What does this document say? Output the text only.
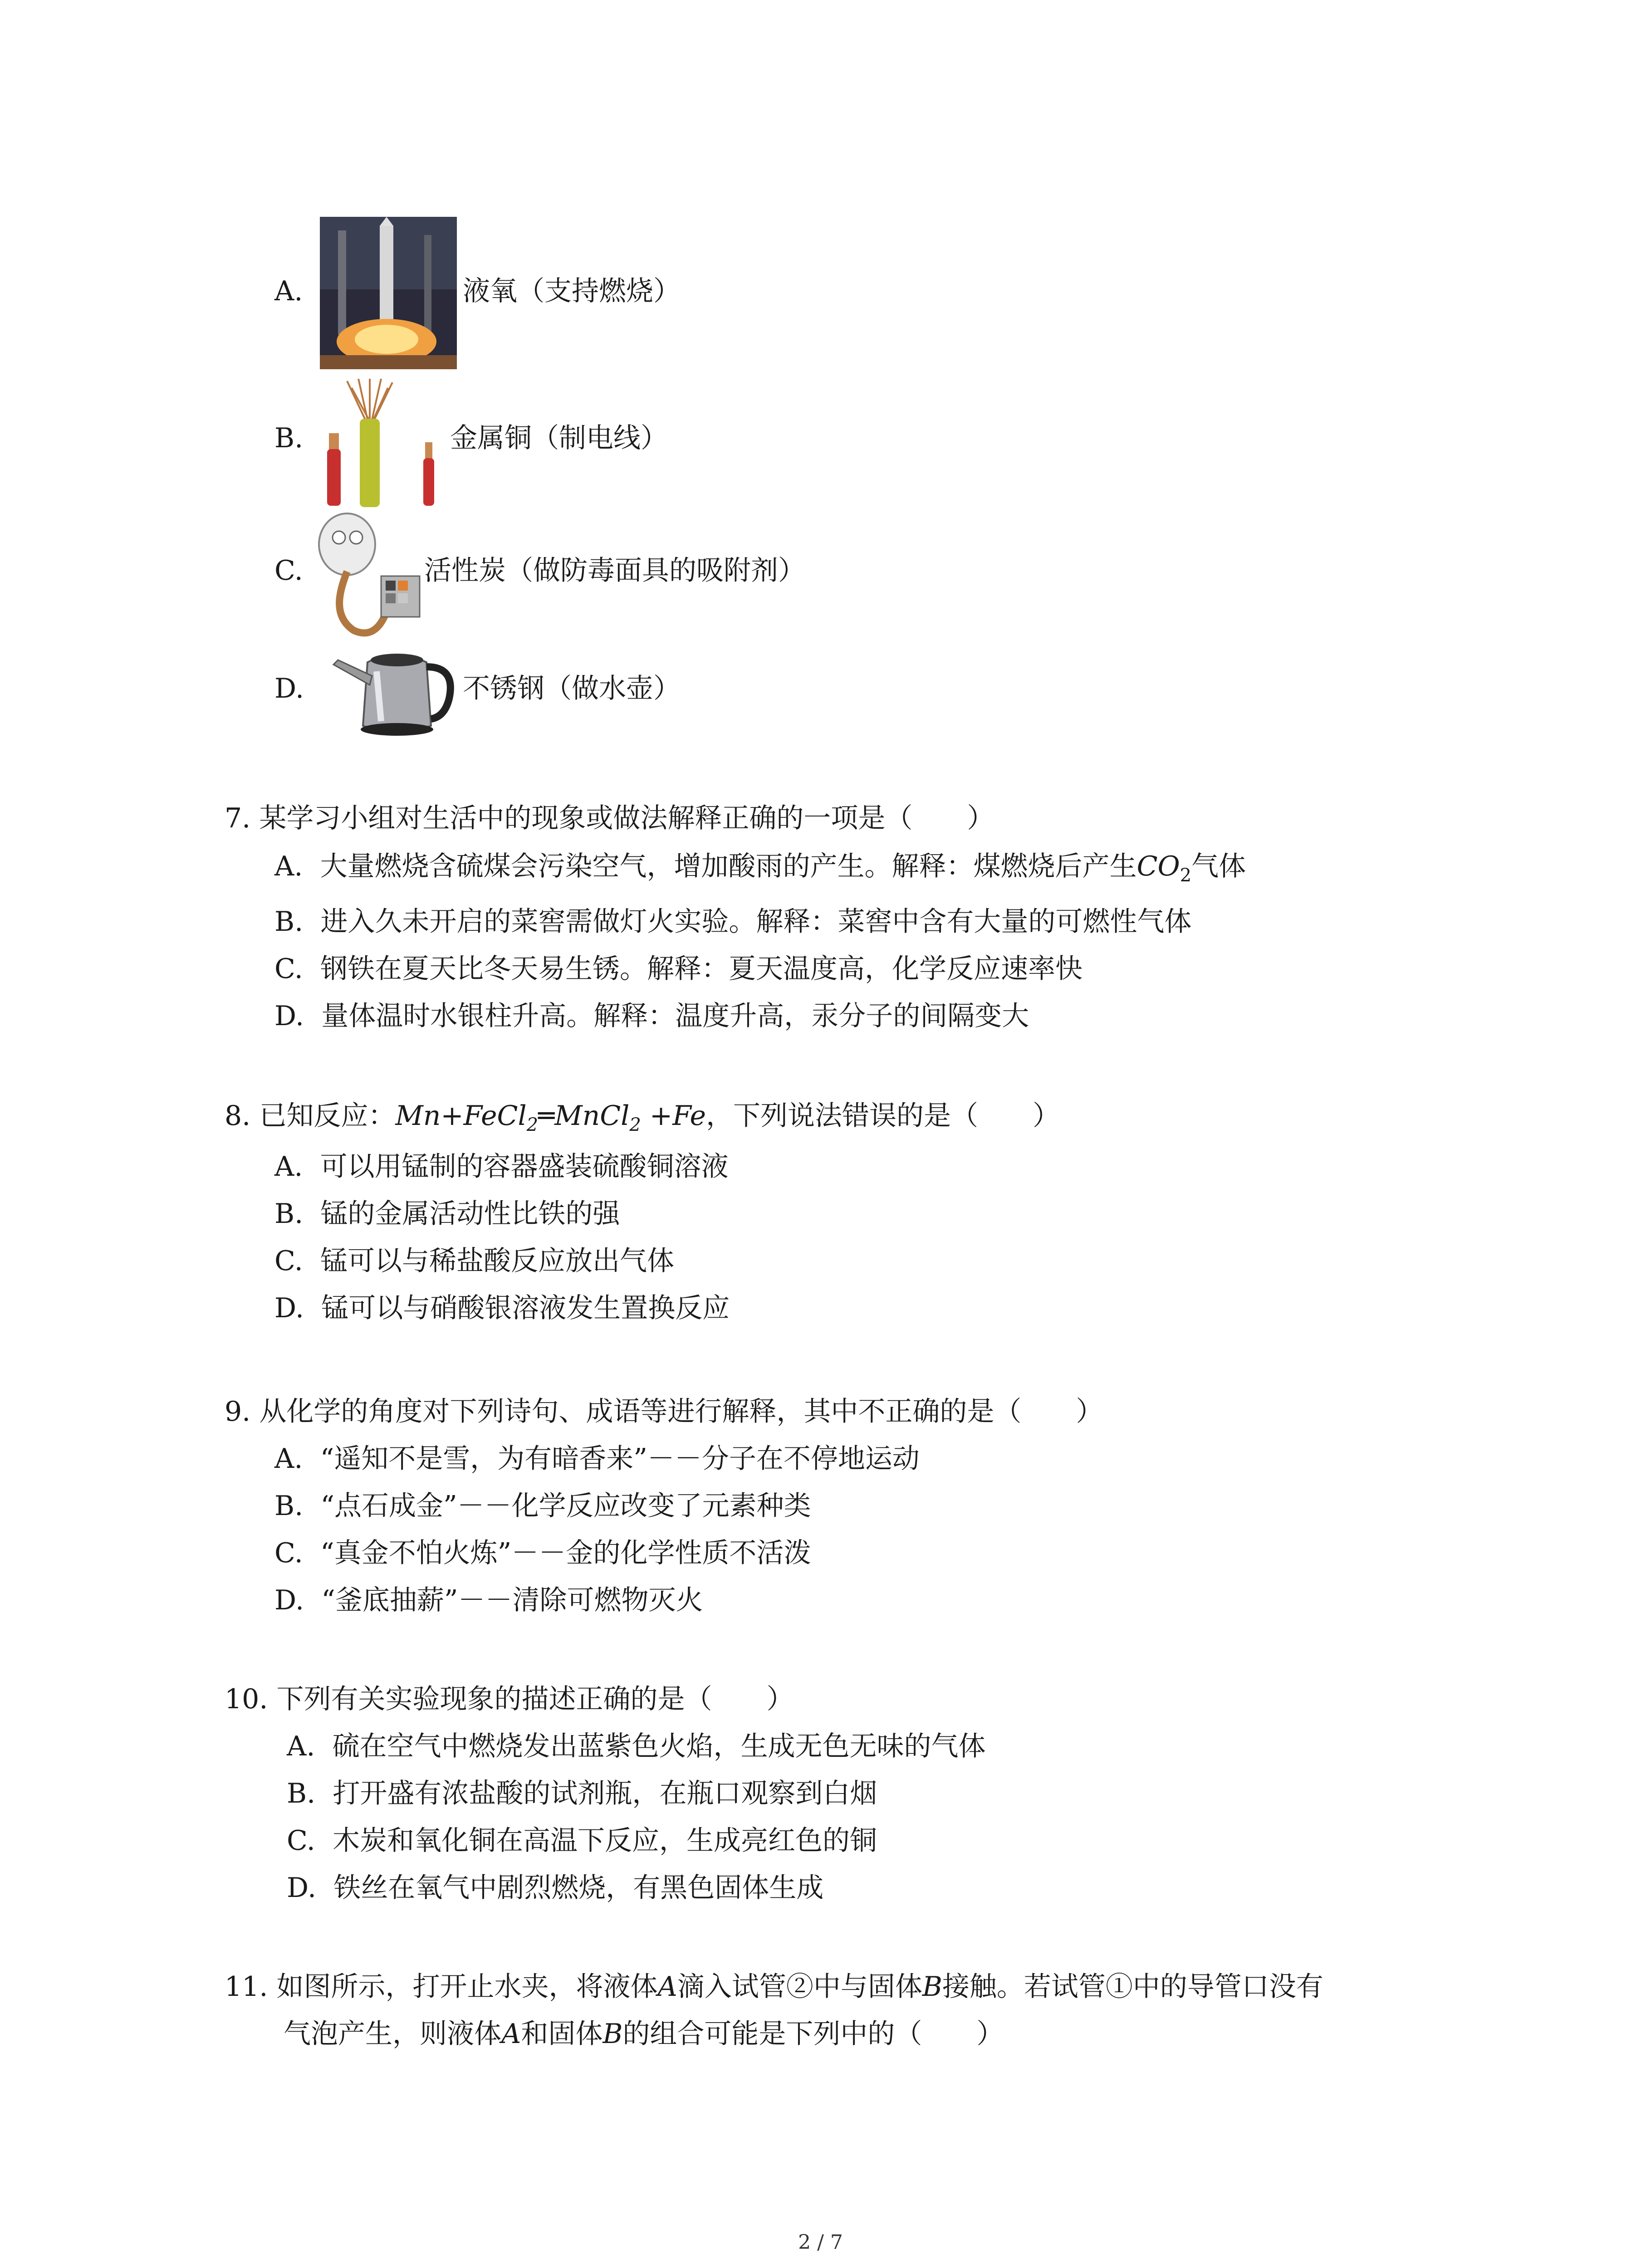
A.	液氧（支持燃烧）
B.	金属铜（制电线）
C.	活性炭（做防毒面具的吸附剂）
D.	不锈钢（做水壶）
7. 某学习小组对生活中的现象或做法解释正确的一项是（　　）
A. 大量燃烧含硫煤会污染空气，增加酸雨的产生。解释：煤燃烧后产生$CO_2$气体
B. 进入久未开启的菜窖需做灯火实验。解释：菜窖中含有大量的可燃性气体
C. 钢铁在夏天比冬天易生锈。解释：夏天温度高，化学反应速率快
D. 量体温时水银柱升高。解释：温度升高，汞分子的间隔变大
8. 已知反应：Mn+FeCl$_2$═MnCl$_2$ +Fe，下列说法错误的是（　　）
A. 可以用锰制的容器盛装硫酸铜溶液
B. 锰的金属活动性比铁的强
C. 锰可以与稀盐酸反应放出气体
D. 锰可以与硝酸银溶液发生置换反应
9. 从化学的角度对下列诗句、成语等进行解释，其中不正确的是（　　）
A. “遥知不是雪，为有暗香来”－－分子在不停地运动
B. “点石成金”－－化学反应改变了元素种类
C. “真金不怕火炼”－－金的化学性质不活泼
D. “釜底抽薪”－－清除可燃物灭火
10. 下列有关实验现象的描述正确的是（　　）
A. 硫在空气中燃烧发出蓝紫色火焰，生成无色无味的气体
B. 打开盛有浓盐酸的试剂瓶，在瓶口观察到白烟
C. 木炭和氧化铜在高温下反应，生成亮红色的铜
D. 铁丝在氧气中剧烈燃烧，有黑色固体生成
11. 如图所示，打开止水夹，将液体A滴入试管②中与固体B接触。若试管①中的导管口没有
气泡产生，则液体A和固体B的组合可能是下列中的（　　）
2 / 7
